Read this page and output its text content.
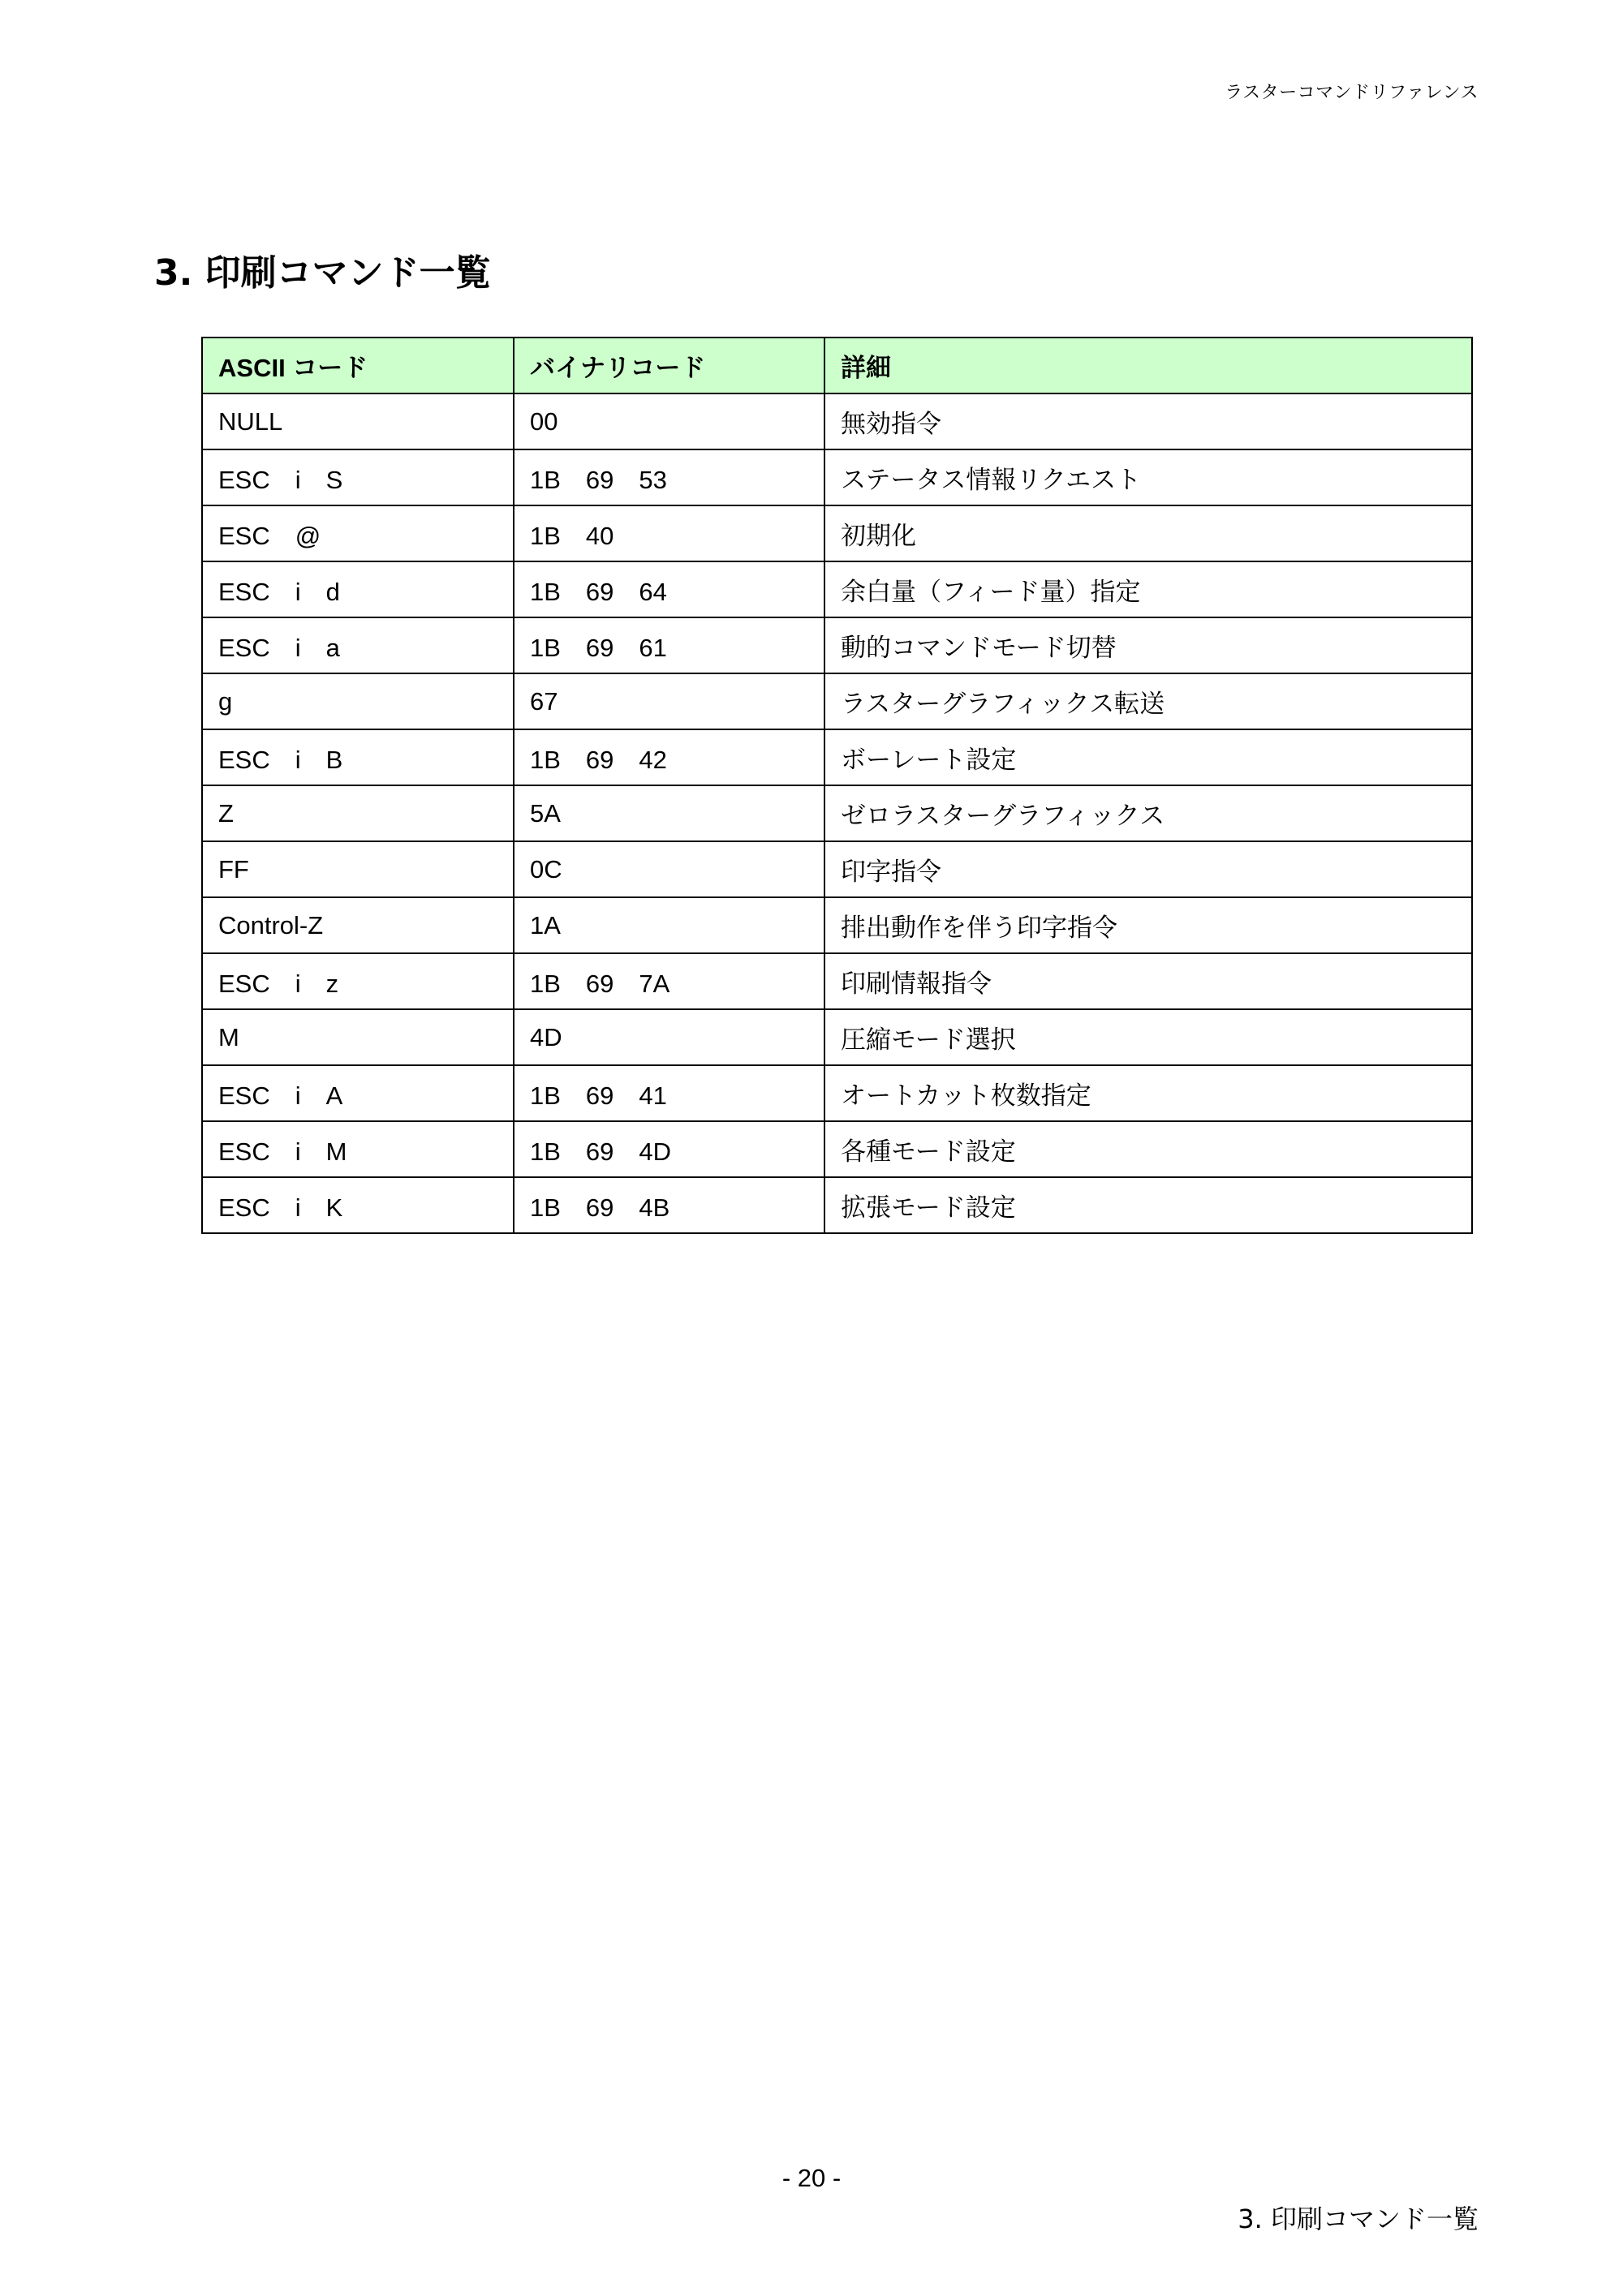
ラスターコマンドリファレンス
3. 印刷コマンド一覧
ASCII コード	バイナリコード	詳細
NULL	00	無効指令
ESC　i　S	1B　69　53	ステータス情報リクエスト
ESC　@	1B　40	初期化
ESC　i　d	1B　69　64	余白量（フィード量）指定
ESC　i　a	1B　69　61	動的コマンドモード切替
g	67	ラスターグラフィックス転送
ESC　i　B	1B　69　42	ボーレート設定
Z	5A	ゼロラスターグラフィックス
FF	0C	印字指令
Control-Z	1A	排出動作を伴う印字指令
ESC　i　z	1B　69　7A	印刷情報指令
M	4D	圧縮モード選択
ESC　i　A	1B　69　41	オートカット枚数指定
ESC　i　M	1B　69　4D	各種モード設定
ESC　i　K	1B　69　4B	拡張モード設定
- 20 -
3. 印刷コマンド一覧
